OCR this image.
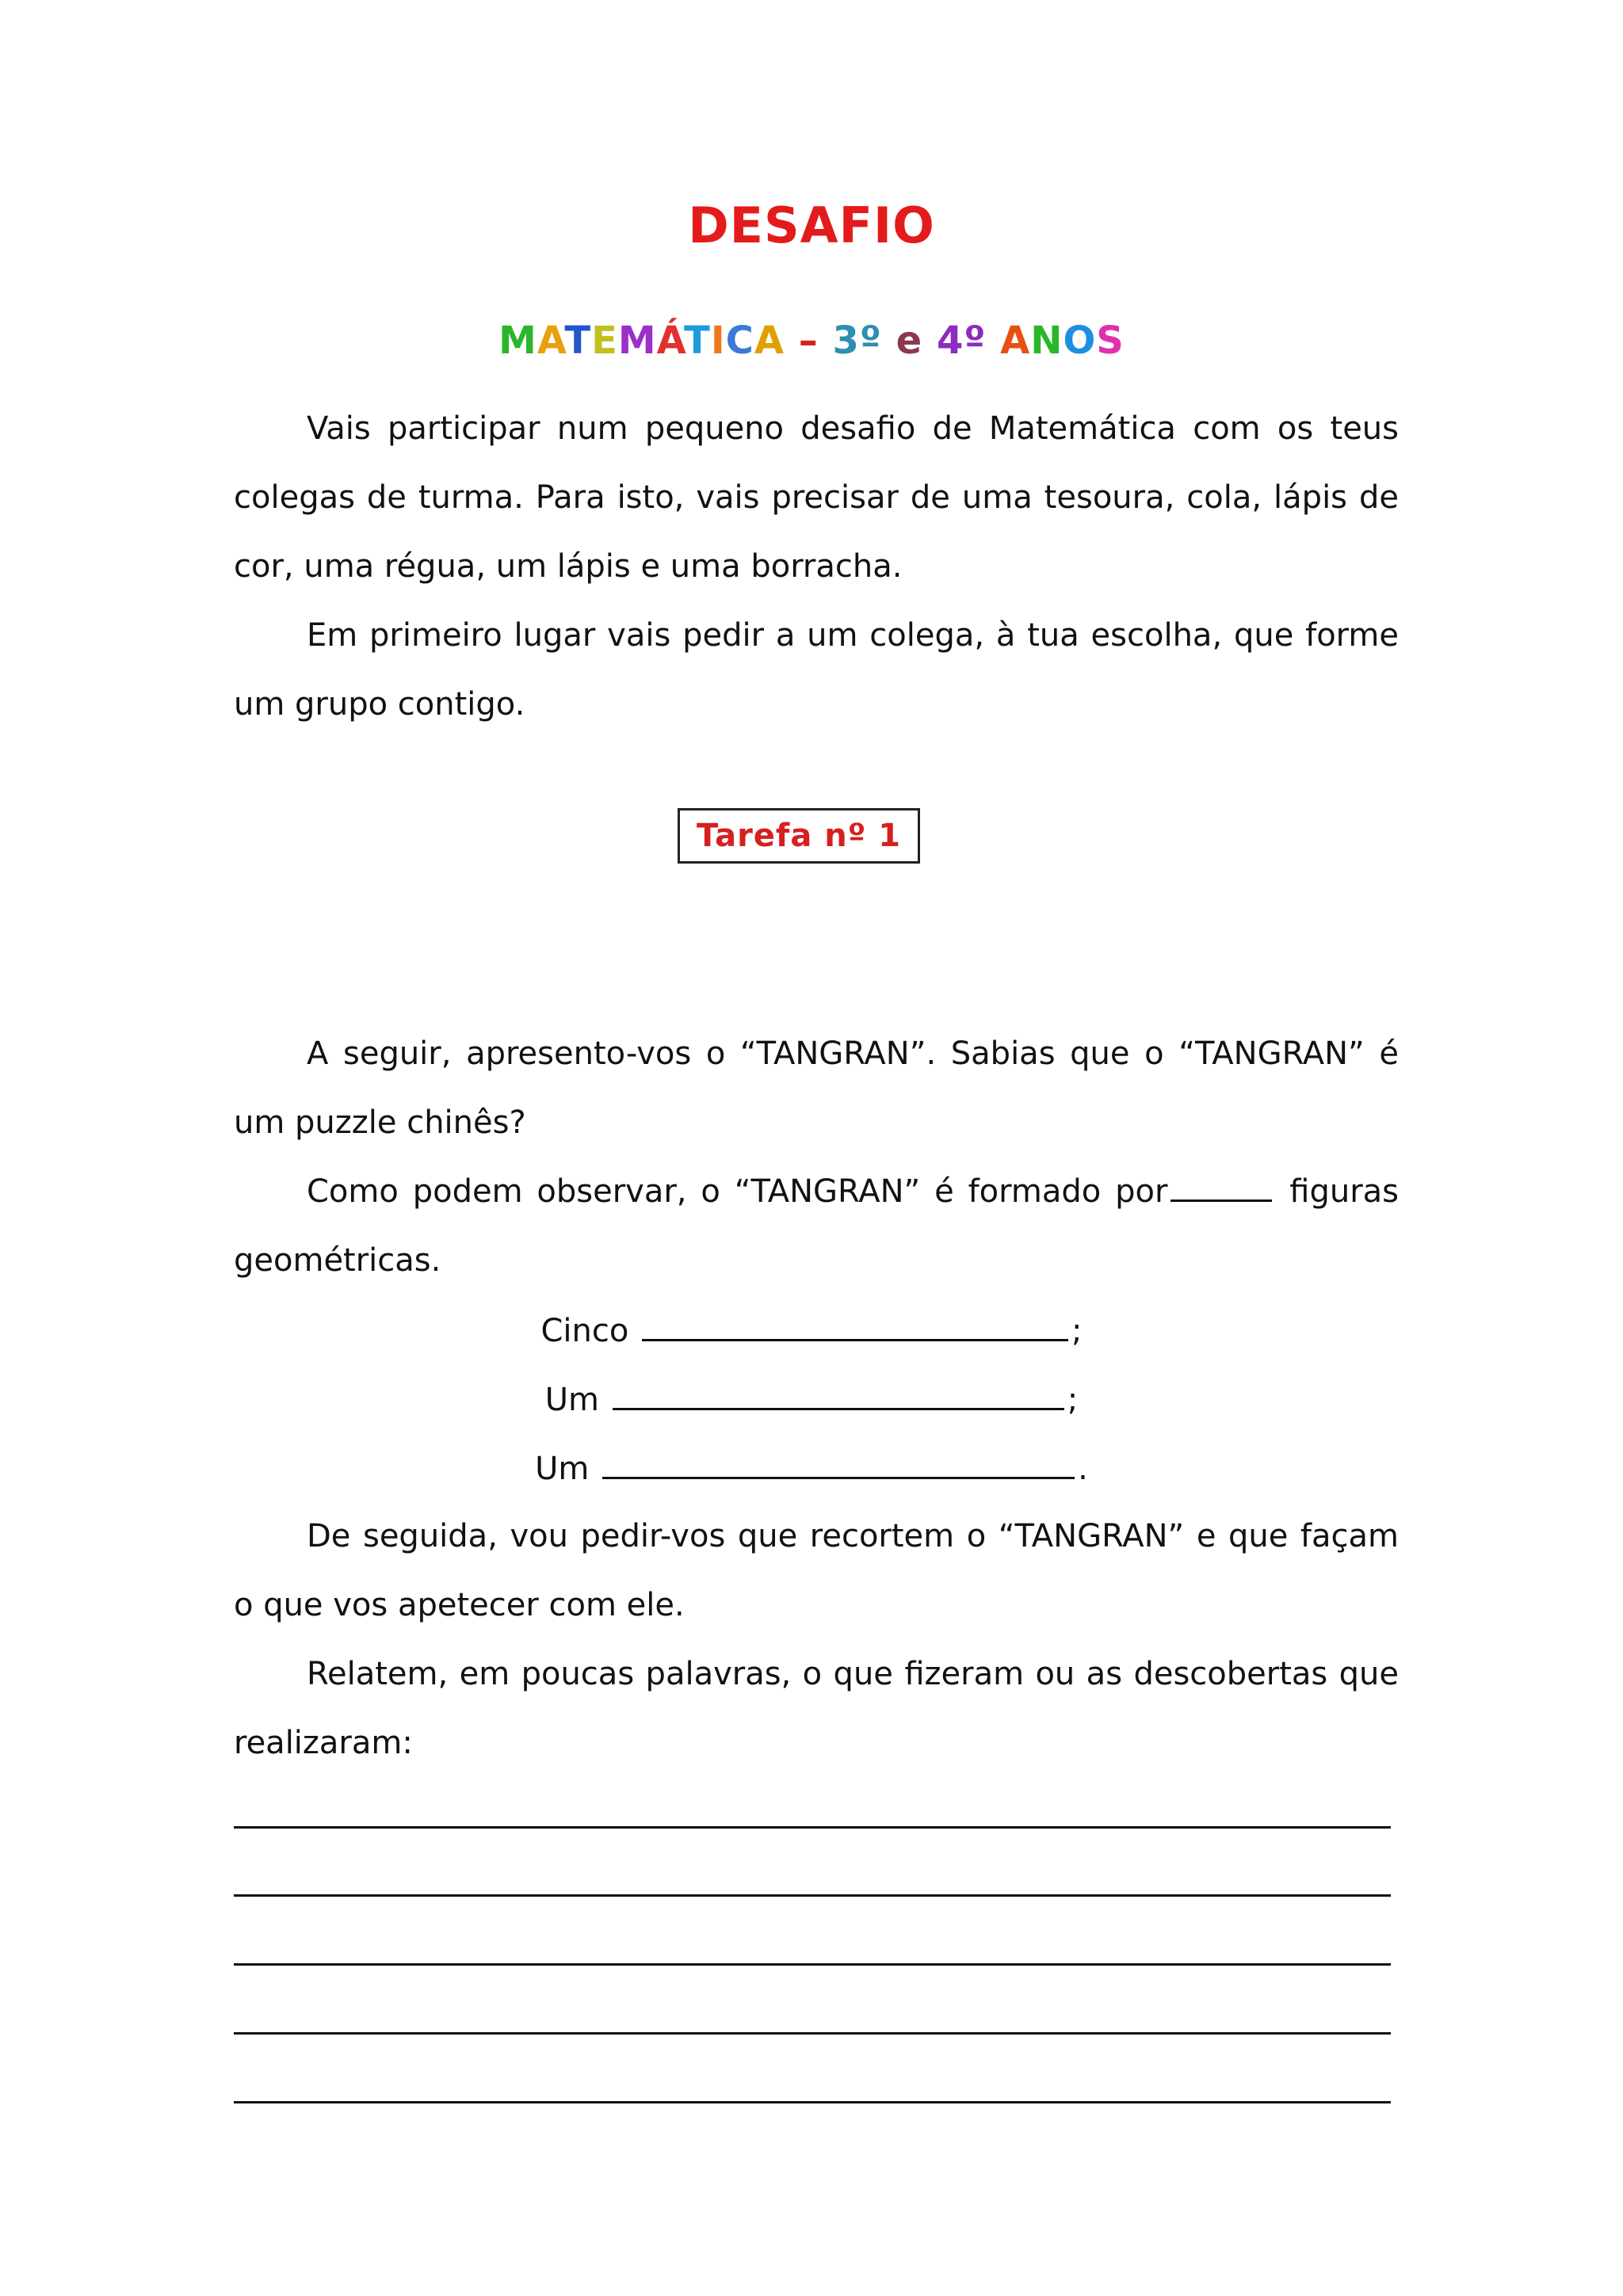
DESAFIO
MATEMÁTICA – 3º e 4º ANOS
Vais participar num pequeno desafio de Matemática com os teus colegas de turma. Para isto, vais precisar de uma tesoura, cola, lápis de cor, uma régua, um lápis e uma borracha.
Em primeiro lugar vais pedir a um colega, à tua escolha, que forme um grupo contigo.
Tarefa nº 1
A seguir, apresento-vos o “TANGRAN”. Sabias que o “TANGRAN” é um puzzle chinês?
Como podem observar, o “TANGRAN” é formado por	figuras geométricas.
Cinco	;
Um	;
Um	.
De seguida, vou pedir-vos que recortem o “TANGRAN” e que façam o que vos apetecer com ele.
Relatem, em poucas palavras, o que fizeram ou as descobertas que realizaram:
